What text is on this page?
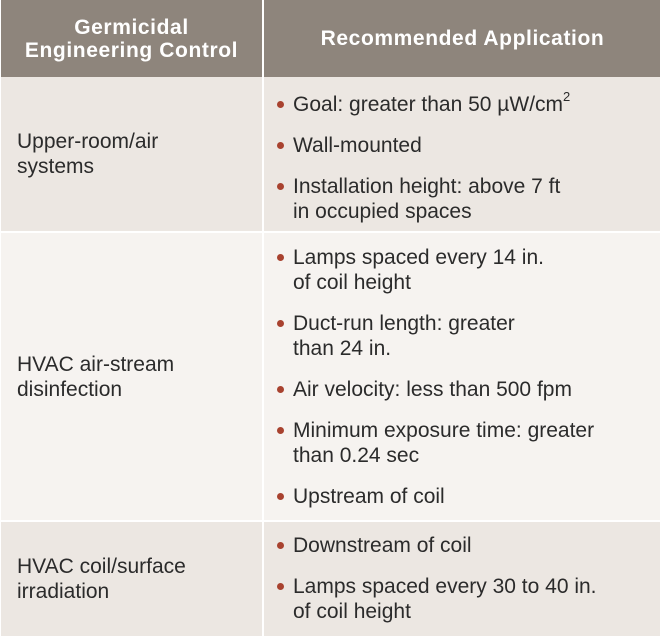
Germicidal
Engineering Control	Recommended Application
Upper-room/air
systems
Goal: greater than 50 $\mu W/cm^2$
Wall-mounted
Installation height: above 7 ft
in occupied spaces
HVAC air-stream
disinfection
Lamps spaced every 14 in.
of coil height
Duct-run length: greater
than 24 in.
Air velocity: less than 500 fpm
Minimum exposure time: greater
than 0.24 sec
Upstream of coil
HVAC coil/surface
irradiation
Downstream of coil
Lamps spaced every 30 to 40 in.
of coil height
